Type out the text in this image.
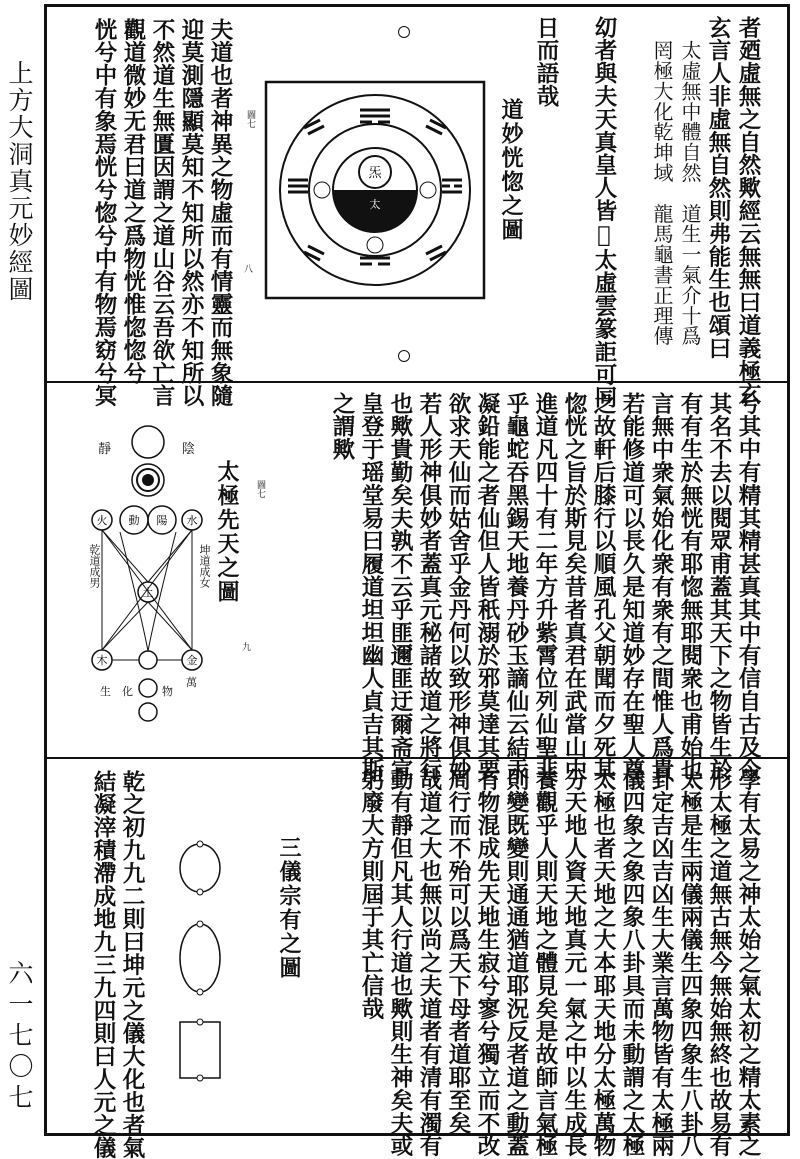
上方大洞真元妙經圖
六一七〇七
者廼虛無之自然歟經云無無曰道義極玄
玄言人非虛無自然則弗能生也頌曰
太虛無中體自然　道生一氣介十爲
罔極大化乾坤域　龍馬龜書正理傳
㓜者與夫天真皇人皆𦊲太虛雲篆詎可同
日而語哉
道妙恍惚之圖
炁
太
圖七
八
夫道也者神異之物虛而有情靈而無象隨
迎莫測隱顯莫知不知所以然亦不知所以
不然道生無匱因謂之道山谷云吾欲亡言
觀道微妙无君曰道之爲物恍惟惚惚兮
恍兮中有象焉恍兮惚兮中有物焉窈兮冥
兮其中有精其精甚真其中有信自古及今
其名不去以閱眾甫蓋其天下之物皆生於
有有生於無恍有耶惚無耶閱衆也甫始也
言無中衆氣始化衆有衆有之間惟人爲貴
若能修道可以長久是知道妙存在聖人尊
之故軒后膝行以順風孔父朝聞而夕死其
惚恍之旨於斯見矣昔者真君在武當山中
進道凡四十有二年方升紫霄位列仙聖非
乎龜蛇吞黑錫天地養丹砂玉謫仙云結汞
凝鉛能之者仙但人皆秖溺於邪莫達其要
欲求天仙而姑舍乎金丹何以致形神俱妙
若人形神俱妙者蓋真元秘諸故道之將行
也歟貴勤矣夫孰不云乎匪邇匪迂爾斋宣
皇登于瑶堂易曰履道坦坦幽人貞吉其斯
之謂歟
太極先天之圖	圖七
九
火	水
動 陽
土
木	金
靜	陰
乾道成男	坤道成女
生 化	物
萬
學有太易之神太始之氣太初之精太素之
形太極之道無古無今無始無終也故易有
太極是生兩儀兩儀生四象四象生八卦八
卦定吉凶吉凶生大業言萬物皆有太極兩
儀四象之象四象八卦具而未動謂之太極
太極也者天地之大本耶天地分太極萬物
分天地人資天地真元一氣之中以生成長
養觀乎人則天地之體見矣是故師言氣極
則變既變則通通猶道耶況反者道之動蓋
有物混成先天地生寂兮寥兮獨立而不改
周行而不殆可以爲天下母者道耶至矣
哉道之大也無以尚之夫道者有清有濁有
動有靜但凡其人行道也歟則生神矣夫或
躬廢大方則屆于其亡信哉
三儀宗有之圖
乾之初九九二則曰坤元之儀大化也者氣
結凝滓積滯成地九三九四則曰人元之儀
